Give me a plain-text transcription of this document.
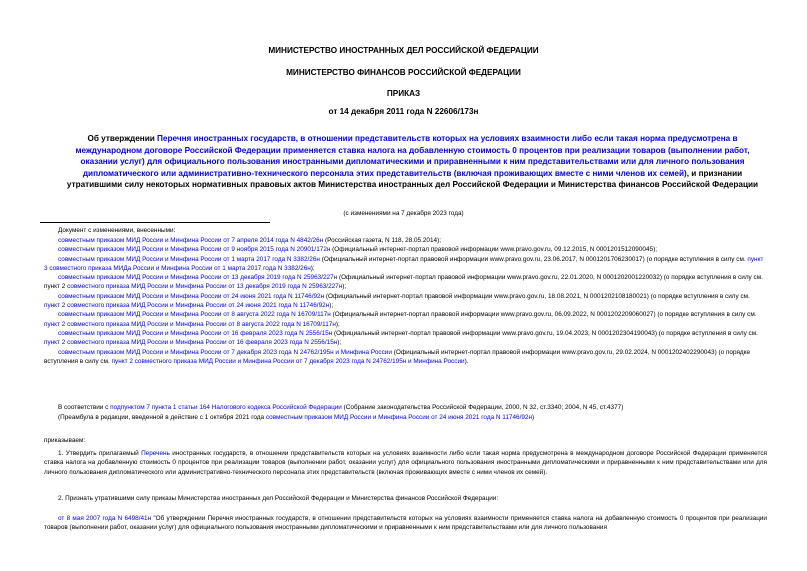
МИНИСТЕРСТВО ИНОСТРАННЫХ ДЕЛ РОССИЙСКОЙ ФЕДЕРАЦИИ
МИНИСТЕРСТВО ФИНАНСОВ РОССИЙСКОЙ ФЕДЕРАЦИИ
ПРИКАЗ
от 14 декабря 2011 года N 22606/173н
Об утверждении Перечня иностранных государств, в отношении представительств которых на условиях взаимности либо если такая норма предусмотрена в международном договоре Российской Федерации применяется ставка налога на добавленную стоимость 0 процентов при реализации товаров (выполнении работ, оказании услуг) для официального пользования иностранными дипломатическими и приравненными к ним представительствами или для личного пользования дипломатического или административно-технического персонала этих представительств (включая проживающих вместе с ними членов их семей), и признании утратившими силу некоторых нормативных правовых актов Министерства иностранных дел Российской Федерации и Министерства финансов Российской Федерации
(с изменениями на 7 декабря 2023 года)
Документ с изменениями, внесенными:
совместным приказом МИД России и Минфина России от 7 апреля 2014 года N 4842/26н (Российская газета, N 118, 28.05.2014);
совместным приказом МИД России и Минфина России от 9 ноября 2015 года N 20901/172н (Официальный интернет-портал правовой информации www.pravo.gov.ru, 09.12.2015, N 0001201512090045);
совместным приказом МИД России и Минфина России от 1 марта 2017 года N 3382/26н (Официальный интернет-портал правовой информации www.pravo.gov.ru, 23.06.2017, N 0001201706230017) (о порядке вступления в силу см. пункт 3 совместного приказа МИДа России и Минфина России от 1 марта 2017 года N 3382/26н);
совместным приказом МИД России и Минфина России от 13 декабря 2019 года N 25963/227н (Официальный интернет-портал правовой информации www.pravo.gov.ru, 22.01.2020, N 0001202001220032) (о порядке вступления в силу см. пункт 2 совместного приказа МИД России и Минфина России от 13 декабря 2019 года N 25963/227н);
совместным приказом МИД России и Минфина России от 24 июня 2021 года N 11746/92н (Официальный интернет-портал правовой информации www.pravo.gov.ru, 18.08.2021, N 0001202108180021) (о порядке вступления в силу см. пункт 2 совместного приказа МИД России и Минфина России от 24 июня 2021 года N 11746/92н);
совместным приказом МИД России и Минфина России от 8 августа 2022 года N 16709/117н (Официальный интернет-портал правовой информации www.pravo.gov.ru, 06.09.2022, N 0001202209060027) (о порядке вступления в силу см. пункт 2 совместного приказа МИД России и Минфина России от 8 августа 2022 года N 16709/117н);
совместным приказом МИД России и Минфина России от 16 февраля 2023 года N 2556/15н (Официальный интернет-портал правовой информации www.pravo.gov.ru, 19.04.2023, N 0001202304190043) (о порядке вступления в силу см. пункт 2 совместного приказа МИД России и Минфина России от 16 февраля 2023 года N 2556/15н);
совместным приказом МИД России и Минфина России от 7 декабря 2023 года N 24762/195н и Минфина России (Официальный интернет-портал правовой информации www.pravo.gov.ru, 29.02.2024, N 0001202402290043) (о порядке вступления в силу см. пункт 2 совместного приказа МИД России и Минфина России от 7 декабря 2023 года N 24762/195н и Минфина России).
В соответствии с подпунктом 7 пункта 1 статьи 164 Налогового кодекса Российской Федерации (Собрание законодательства Российской Федерации, 2000, N 32, ст.3340; 2004, N 45, ст.4377)
(Преамбула в редакции, введенной в действие с 1 октября 2021 года совместным приказом МИД России и Минфина России от 24 июня 2021 года N 11746/92н)
приказываем:
1. Утвердить прилагаемый Перечень иностранных государств, в отношении представительств которых на условиях взаимности либо если такая норма предусмотрена в международном договоре Российской Федерации применяется ставка налога на добавленную стоимость 0 процентов при реализации товаров (выполнении работ, оказании услуг) для официального пользования иностранными дипломатическими и приравненными к ним представительствами или для личного пользования дипломатического или административно-технического персонала этих представительств (включая проживающих вместе с ними членов их семей).
2. Признать утратившими силу приказы Министерства иностранных дел Российской Федерации и Министерства финансов Российской Федерации:
от 8 мая 2007 года N 6498/41н "Об утверждении Перечня иностранных государств, в отношении представительств которых на условиях взаимности применяется ставка налога на добавленную стоимость 0 процентов при реализации товаров (выполнении работ, оказании услуг) для официального пользования иностранными дипломатическими и приравненными к ним представительствами или для личного пользования
